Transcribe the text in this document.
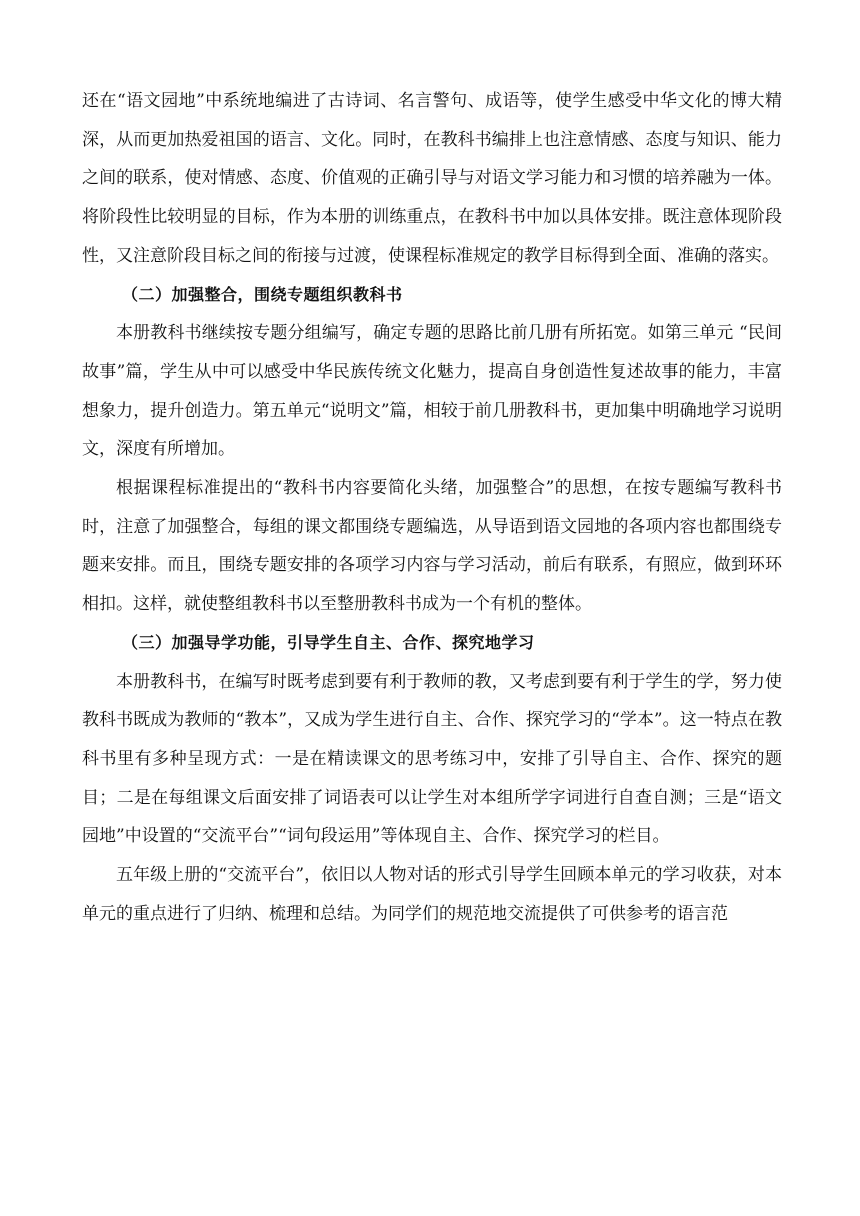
还在“语文园地”中系统地编进了古诗词、名言警句、成语等，使学生感受中华文化的博大精深，从而更加热爱祖国的语言、文化。同时，在教科书编排上也注意情感、态度与知识、能力之间的联系，使对情感、态度、价值观的正确引导与对语文学习能力和习惯的培养融为一体。将阶段性比较明显的目标，作为本册的训练重点，在教科书中加以具体安排。既注意体现阶段性，又注意阶段目标之间的衔接与过渡，使课程标准规定的教学目标得到全面、准确的落实。

（二）加强整合，围绕专题组织教科书

本册教科书继续按专题分组编写，确定专题的思路比前几册有所拓宽。如第三单元 “民间故事”篇，学生从中可以感受中华民族传统文化魅力，提高自身创造性复述故事的能力，丰富想象力，提升创造力。第五单元“说明文”篇，相较于前几册教科书，更加集中明确地学习说明文，深度有所增加。

根据课程标准提出的“教科书内容要简化头绪，加强整合”的思想，在按专题编写教科书时，注意了加强整合，每组的课文都围绕专题编选，从导语到语文园地的各项内容也都围绕专题来安排。而且，围绕专题安排的各项学习内容与学习活动，前后有联系，有照应，做到环环相扣。这样，就使整组教科书以至整册教科书成为一个有机的整体。

（三）加强导学功能，引导学生自主、合作、探究地学习

本册教科书，在编写时既考虑到要有利于教师的教，又考虑到要有利于学生的学，努力使教科书既成为教师的“教本”，又成为学生进行自主、合作、探究学习的“学本”。这一特点在教科书里有多种呈现方式：一是在精读课文的思考练习中，安排了引导自主、合作、探究的题目；二是在每组课文后面安排了词语表可以让学生对本组所学字词进行自查自测；三是“语文园地”中设置的“交流平台”“词句段运用”等体现自主、合作、探究学习的栏目。

五年级上册的“交流平台”，依旧以人物对话的形式引导学生回顾本单元的学习收获，对本单元的重点进行了归纳、梳理和总结。为同学们的规范地交流提供了可供参考的语言范
